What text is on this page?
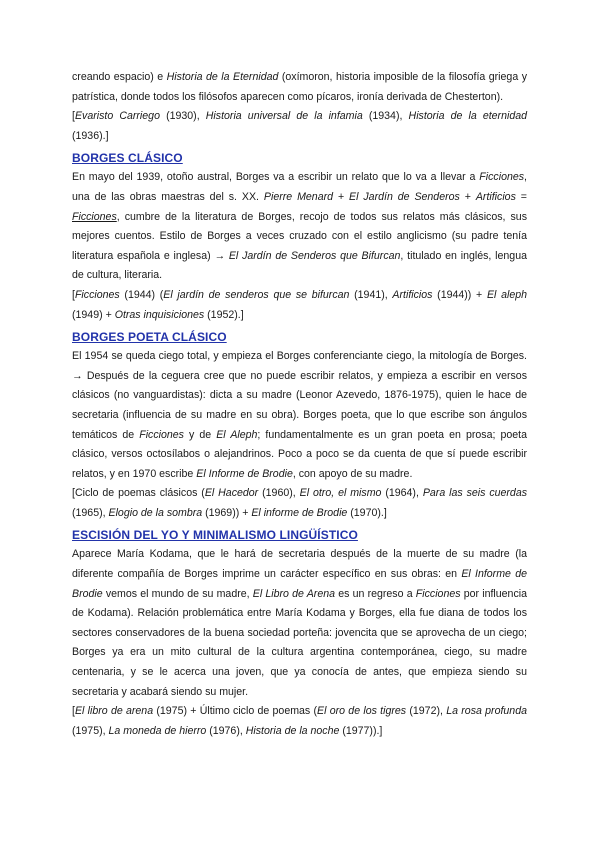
creando espacio) e Historia de la Eternidad (oxímoron, historia imposible de la filosofía griega y patrística, donde todos los filósofos aparecen como pícaros, ironía derivada de Chesterton).

[Evaristo Carriego (1930), Historia universal de la infamia (1934), Historia de la eternidad (1936).]

BORGES CLÁSICO

En mayo del 1939, otoño austral, Borges va a escribir un relato que lo va a llevar a Ficciones, una de las obras maestras del s. XX. Pierre Menard + El Jardín de Senderos + Artificios = Ficciones, cumbre de la literatura de Borges, recojo de todos sus relatos más clásicos, sus mejores cuentos. Estilo de Borges a veces cruzado con el estilo anglicismo (su padre tenía literatura española e inglesa) → El Jardín de Senderos que Bifurcan, titulado en inglés, lengua de cultura, literaria.

[Ficciones (1944) (El jardín de senderos que se bifurcan (1941), Artificios (1944)) + El aleph (1949) + Otras inquisiciones (1952).]

BORGES POETA CLÁSICO

El 1954 se queda ciego total, y empieza el Borges conferenciante ciego, la mitología de Borges. → Después de la ceguera cree que no puede escribir relatos, y empieza a escribir en versos clásicos (no vanguardistas): dicta a su madre (Leonor Azevedo, 1876-1975), quien le hace de secretaria (influencia de su madre en su obra). Borges poeta, que lo que escribe son ángulos temáticos de Ficciones y de El Aleph; fundamentalmente es un gran poeta en prosa; poeta clásico, versos octosílabos o alejandrinos. Poco a poco se da cuenta de que sí puede escribir relatos, y en 1970 escribe El Informe de Brodie, con apoyo de su madre.

[Ciclo de poemas clásicos (El Hacedor (1960), El otro, el mismo (1964), Para las seis cuerdas (1965), Elogio de la sombra (1969)) + El informe de Brodie (1970).]

ESCISIÓN DEL YO Y MINIMALISMO LINGÜÍSTICO

Aparece María Kodama, que le hará de secretaria después de la muerte de su madre (la diferente compañía de Borges imprime un carácter específico en sus obras: en El Informe de Brodie vemos el mundo de su madre, El Libro de Arena es un regreso a Ficciones por influencia de Kodama). Relación problemática entre María Kodama y Borges, ella fue diana de todos los sectores conservadores de la buena sociedad porteña: jovencita que se aprovecha de un ciego; Borges ya era un mito cultural de la cultura argentina contemporánea, ciego, su madre centenaria, y se le acerca una joven, que ya conocía de antes, que empieza siendo su secretaria y acabará siendo su mujer.

[El libro de arena (1975) + Último ciclo de poemas (El oro de los tigres (1972), La rosa profunda (1975), La moneda de hierro (1976), Historia de la noche (1977)).]
